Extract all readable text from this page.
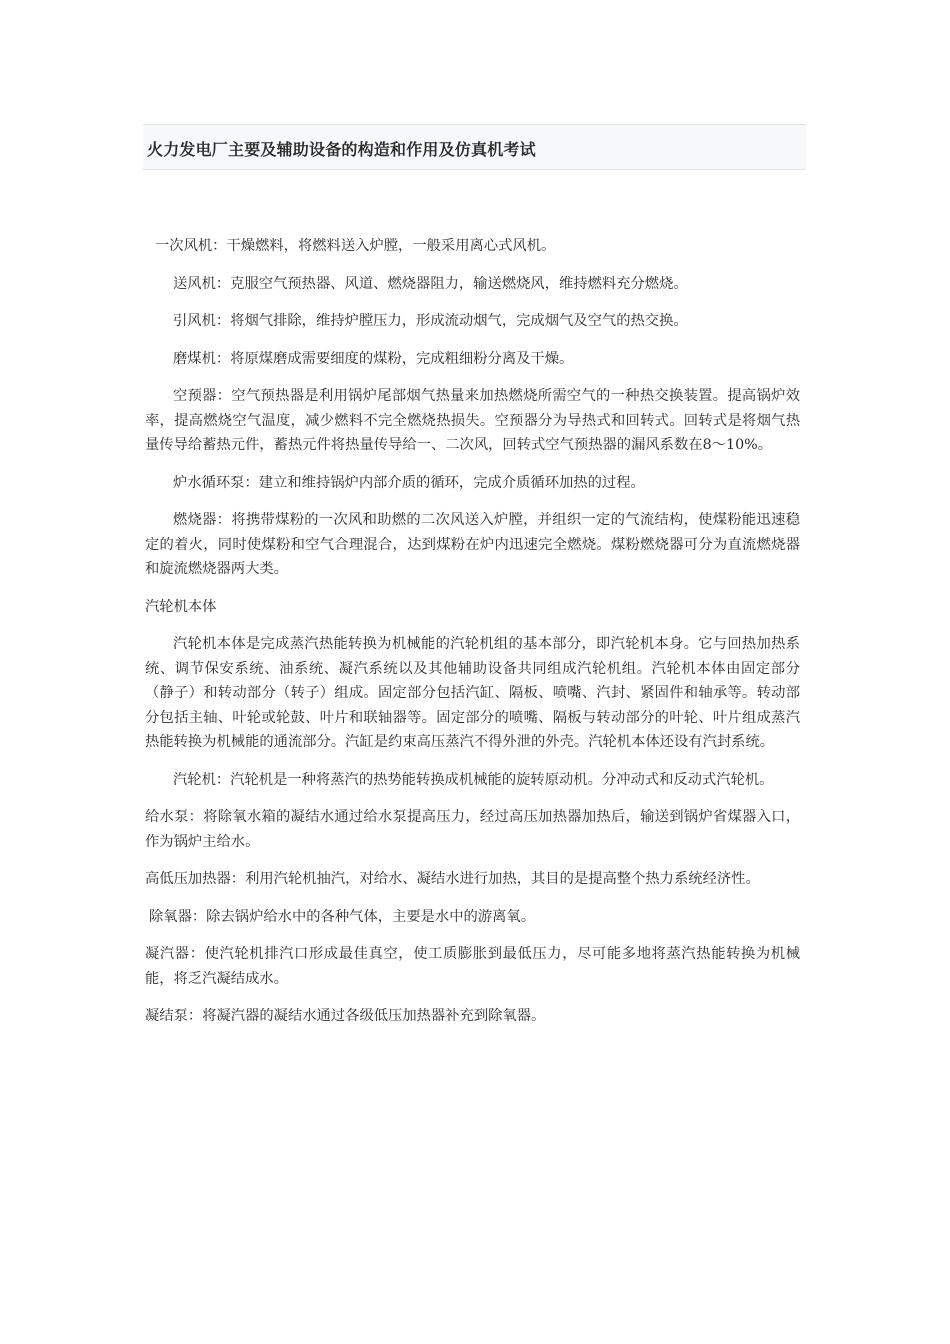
火力发电厂主要及辅助设备的构造和作用及仿真机考试

一次风机：干燥燃料，将燃料送入炉膛，一般采用离心式风机。

送风机：克服空气预热器、风道、燃烧器阻力，输送燃烧风，维持燃料充分燃烧。

引风机：将烟气排除，维持炉膛压力，形成流动烟气，完成烟气及空气的热交换。

磨煤机：将原煤磨成需要细度的煤粉，完成粗细粉分离及干燥。

空预器：空气预热器是利用锅炉尾部烟气热量来加热燃烧所需空气的一种热交换装置。提高锅炉效率，提高燃烧空气温度，减少燃料不完全燃烧热损失。空预器分为导热式和回转式。回转式是将烟气热量传导给蓄热元件，蓄热元件将热量传导给一、二次风，回转式空气预热器的漏风系数在8～10%。

炉水循环泵：建立和维持锅炉内部介质的循环，完成介质循环加热的过程。

燃烧器：将携带煤粉的一次风和助燃的二次风送入炉膛，并组织一定的气流结构，使煤粉能迅速稳定的着火，同时使煤粉和空气合理混合，达到煤粉在炉内迅速完全燃烧。煤粉燃烧器可分为直流燃烧器和旋流燃烧器两大类。

汽轮机本体

汽轮机本体是完成蒸汽热能转换为机械能的汽轮机组的基本部分，即汽轮机本身。它与回热加热系统、调节保安系统、油系统、凝汽系统以及其他辅助设备共同组成汽轮机组。汽轮机本体由固定部分（静子）和转动部分（转子）组成。固定部分包括汽缸、隔板、喷嘴、汽封、紧固件和轴承等。转动部分包括主轴、叶轮或轮鼓、叶片和联轴器等。固定部分的喷嘴、隔板与转动部分的叶轮、叶片组成蒸汽热能转换为机械能的通流部分。汽缸是约束高压蒸汽不得外泄的外壳。汽轮机本体还设有汽封系统。

汽轮机：汽轮机是一种将蒸汽的热势能转换成机械能的旋转原动机。分冲动式和反动式汽轮机。

给水泵：将除氧水箱的凝结水通过给水泵提高压力，经过高压加热器加热后，输送到锅炉省煤器入口，作为锅炉主给水。

高低压加热器：利用汽轮机抽汽，对给水、凝结水进行加热，其目的是提高整个热力系统经济性。

除氧器：除去锅炉给水中的各种气体，主要是水中的游离氧。

凝汽器：使汽轮机排汽口形成最佳真空，使工质膨胀到最低压力，尽可能多地将蒸汽热能转换为机械能，将乏汽凝结成水。

凝结泵：将凝汽器的凝结水通过各级低压加热器补充到除氧器。
